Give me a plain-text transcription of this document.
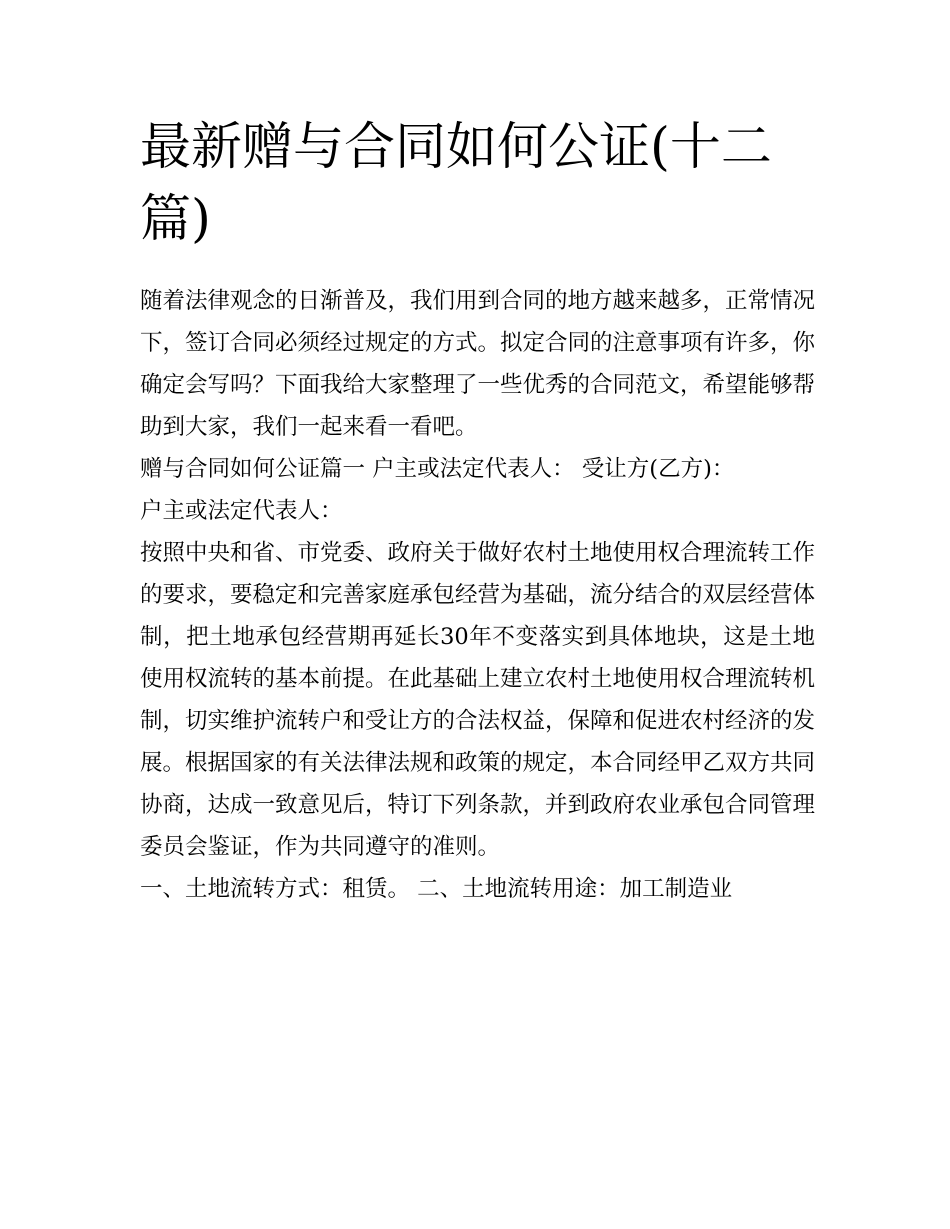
最新赠与合同如何公证(十二篇)

随着法律观念的日渐普及，我们用到合同的地方越来越多，正常情况下，签订合同必须经过规定的方式。拟定合同的注意事项有许多，你确定会写吗？下面我给大家整理了一些优秀的合同范文，希望能够帮助到大家，我们一起来看一看吧。

赠与合同如何公证篇一 户主或法定代表人： 受让方(乙方)：

户主或法定代表人：

按照中央和省、市党委、政府关于做好农村土地使用权合理流转工作的要求，要稳定和完善家庭承包经营为基础，流分结合的双层经营体制，把土地承包经营期再延长30年不变落实到具体地块，这是土地使用权流转的基本前提。在此基础上建立农村土地使用权合理流转机制，切实维护流转户和受让方的合法权益，保障和促进农村经济的发展。根据国家的有关法律法规和政策的规定，本合同经甲乙双方共同协商，达成一致意见后，特订下列条款，并到政府农业承包合同管理委员会鉴证，作为共同遵守的准则。

一、土地流转方式：租赁。 二、土地流转用途：加工制造业
